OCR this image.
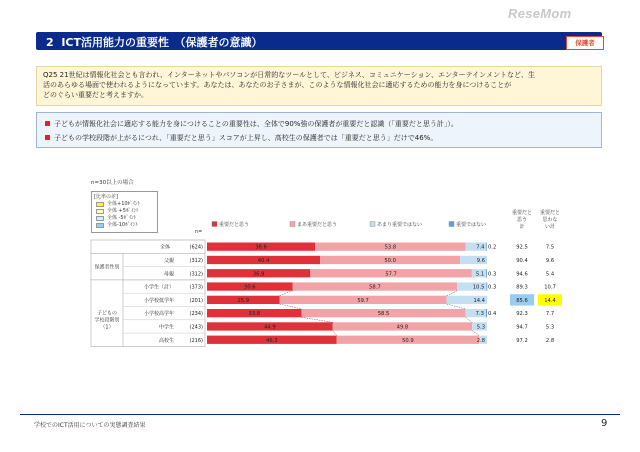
ReseMom
2 ICT活用能力の重要性　（保護者の意識）	保護者
Q25 21世紀は情報化社会とも言われ、インターネットやパソコンが日常的なツールとして、ビジネス、コミュニケーション、エンターテインメントなど、生
活のあらゆる場面で使われるようになっています。あなたは、あなたのお子さまが、このような情報化社会に適応するための能力を身につけることが
どのぐらい重要だと考えますか。
子どもが情報化社会に適応する能力を身につけることの重要性は、全体で90%強の保護者が重要だと認識（「重要だと思う計」）。
子どもの学校段階が上がるにつれ、「重要だと思う」スコアが上昇し、高校生の保護者では「重要だと思う」だけで46%。
n=30以上の場合
[比率の差]
全体+10ﾎﾟｲﾝﾄ
全体 +5ﾎﾟｲﾝﾄ
全体 -5ﾎﾟｲﾝﾄ
全体-10ﾎﾟｲﾝﾄ	重要だと思う	まあ重要だと思う	あまり重要ではない	重要ではない
n=
重要だと
思う
計
重要だと
思わな
い計
保護者性別
子どもの
学校段階別
（1）
全体	(624)	38.6	53.8	7.4 0.2	92.5	7.5
父親	(312)	40.4	50.0	9.6	90.4	9.6
母親	(312)	36.9	57.7	5.1 0.3	94.6	5.4
小学生（計）	(373)	30.6	58.7	10.5 0.3	89.3	10.7
小学校低学年	(201)	25.9	59.7	14.4	85.6	14.4
小学校高学年	(234)	33.8	58.5	7.3 0.4	92.3	7.7
中学生	(243)	44.9	49.8	5.3	94.7	5.3
高校生	(216)	46.3	50.9	2.8	97.2	2.8
学校でのICT活用についての実態調査結果	9
